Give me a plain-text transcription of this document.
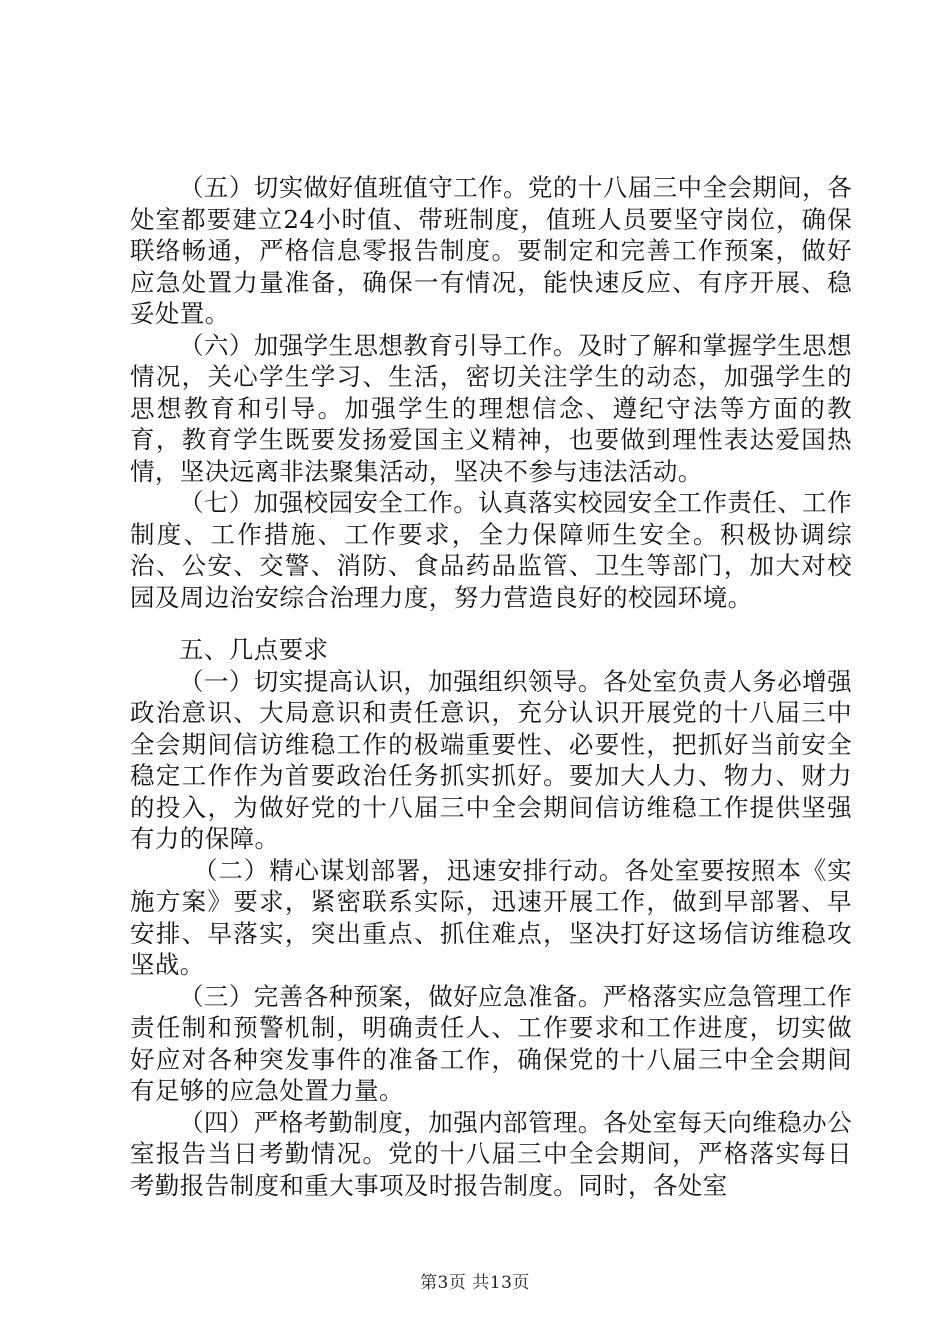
（五）切实做好值班值守工作。党的十八届三中全会期间，各处室都要建立24小时值、带班制度，值班人员要坚守岗位，确保联络畅通，严格信息零报告制度。要制定和完善工作预案，做好应急处置力量准备，确保一有情况，能快速反应、有序开展、稳妥处置。

（六）加强学生思想教育引导工作。及时了解和掌握学生思想情况，关心学生学习、生活，密切关注学生的动态，加强学生的思想教育和引导。加强学生的理想信念、遵纪守法等方面的教育，教育学生既要发扬爱国主义精神，也要做到理性表达爱国热情，坚决远离非法聚集活动，坚决不参与违法活动。

（七）加强校园安全工作。认真落实校园安全工作责任、工作制度、工作措施、工作要求，全力保障师生安全。积极协调综治、公安、交警、消防、食品药品监管、卫生等部门，加大对校园及周边治安综合治理力度，努力营造良好的校园环境。

五、几点要求

（一）切实提高认识，加强组织领导。各处室负责人务必增强政治意识、大局意识和责任意识，充分认识开展党的十八届三中全会期间信访维稳工作的极端重要性、必要性，把抓好当前安全稳定工作作为首要政治任务抓实抓好。要加大人力、物力、财力的投入，为做好党的十八届三中全会期间信访维稳工作提供坚强有力的保障。

（二）精心谋划部署，迅速安排行动。各处室要按照本《实施方案》要求，紧密联系实际，迅速开展工作，做到早部署、早安排、早落实，突出重点、抓住难点，坚决打好这场信访维稳攻坚战。

（三）完善各种预案，做好应急准备。严格落实应急管理工作责任制和预警机制，明确责任人、工作要求和工作进度，切实做好应对各种突发事件的准备工作，确保党的十八届三中全会期间有足够的应急处置力量。

（四）严格考勤制度，加强内部管理。各处室每天向维稳办公室报告当日考勤情况。党的十八届三中全会期间，严格落实每日考勤报告制度和重大事项及时报告制度。同时，各处室

第3页 共13页
